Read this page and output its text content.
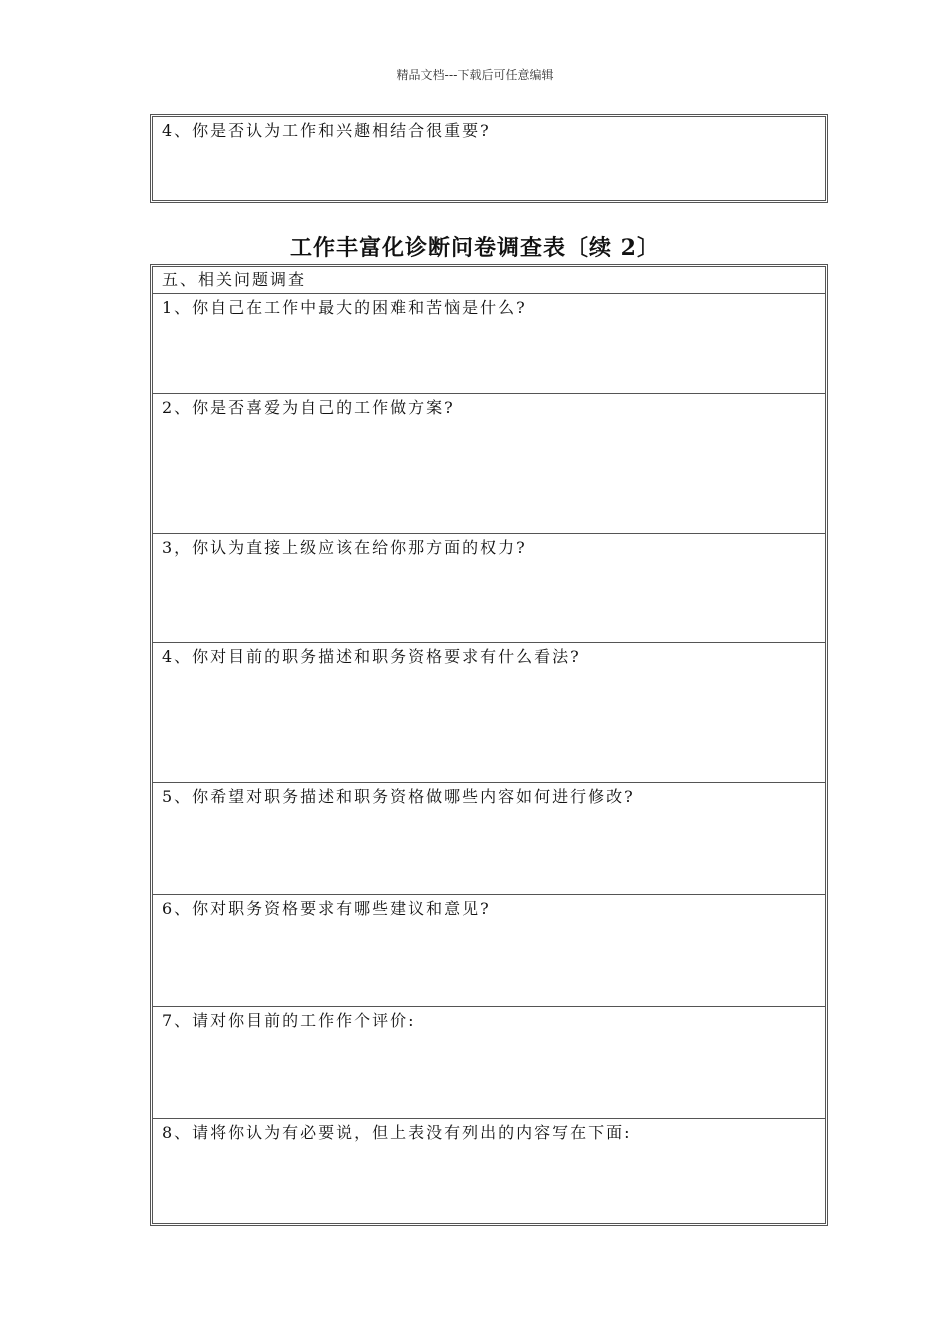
精品文档---下载后可任意编辑
4、你是否认为工作和兴趣相结合很重要?
工作丰富化诊断问卷调查表〔续 2〕
五、相关问题调查
1、你自己在工作中最大的困难和苦恼是什么?
2、你是否喜爱为自己的工作做方案?
3，你认为直接上级应该在给你那方面的权力?
4、你对目前的职务描述和职务资格要求有什么看法?
5、你希望对职务描述和职务资格做哪些内容如何进行修改?
6、你对职务资格要求有哪些建议和意见?
7、请对你目前的工作作个评价:
8、请将你认为有必要说，但上表没有列出的内容写在下面:
